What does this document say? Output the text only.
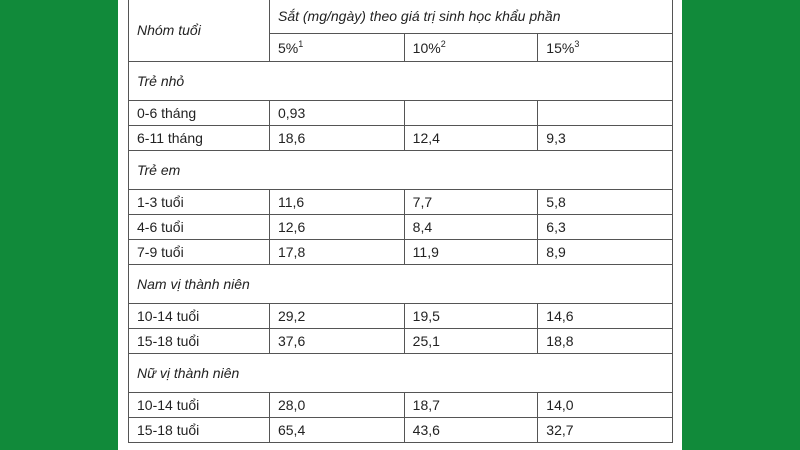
Nhóm tuổi	Sắt (mg/ngày) theo giá trị sinh học khẩu phần		
	5%$^1$	10%$^2$	15%$^3$
Trẻ nhỏ			
0-6 tháng	0,93		
6-11 tháng	18,6	12,4	9,3
Trẻ em			
1-3 tuổi	11,6	7,7	5,8
4-6 tuổi	12,6	8,4	6,3
7-9 tuổi	17,8	11,9	8,9
Nam vị thành niên			
10-14 tuổi	29,2	19,5	14,6
15-18 tuổi	37,6	25,1	18,8
Nữ vị thành niên			
10-14 tuổi	28,0	18,7	14,0
15-18 tuổi	65,4	43,6	32,7
